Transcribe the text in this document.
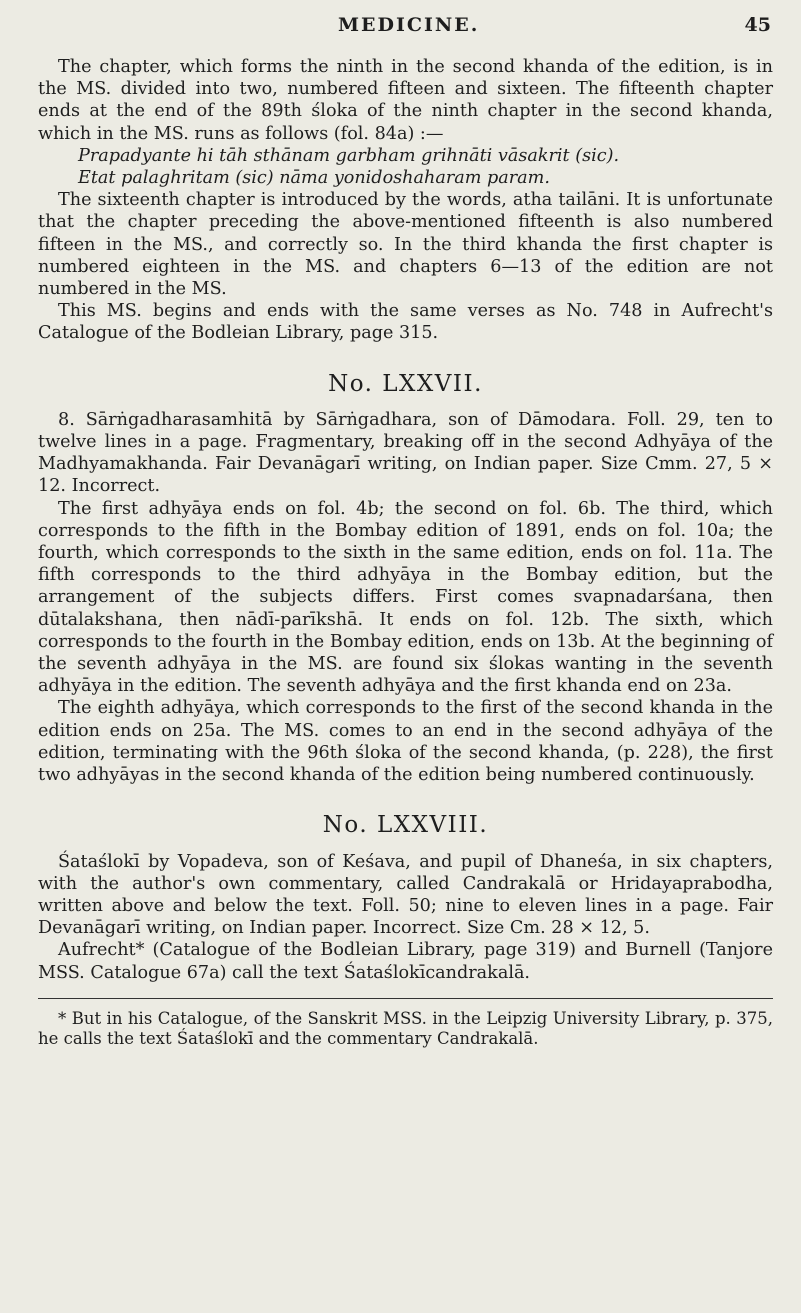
MEDICINE.	45

The chapter, which forms the ninth in the second khanda of the edition, is in the MS. divided into two, numbered fifteen and sixteen. The fifteenth chapter ends at the end of the 89th śloka of the ninth chapter in the second khanda, which in the MS. runs as follows (fol. 84a) :—

Prapadyante hi tāh sthānam garbham grihnāti vāsakrit (sic).

Etat palaghritam (sic) nāma yonidoshaharam param.

The sixteenth chapter is introduced by the words, atha tailāni. It is unfortunate that the chapter preceding the above-mentioned fifteenth is also numbered fifteen in the MS., and correctly so. In the third khanda the first chapter is numbered eighteen in the MS. and chapters 6—13 of the edition are not numbered in the MS.

This MS. begins and ends with the same verses as No. 748 in Aufrecht's Catalogue of the Bodleian Library, page 315.

No. LXXVII.

8. Sārṅgadharasamhitā by Sārṅgadhara, son of Dāmodara. Foll. 29, ten to twelve lines in a page. Fragmentary, breaking off in the second Adhyāya of the Madhyamakhanda. Fair Devanāgarī writing, on Indian paper. Size Cmm. 27, 5 × 12. Incorrect.

The first adhyāya ends on fol. 4b; the second on fol. 6b. The third, which corresponds to the fifth in the Bombay edition of 1891, ends on fol. 10a; the fourth, which corresponds to the sixth in the same edition, ends on fol. 11a. The fifth corresponds to the third adhyāya in the Bombay edition, but the arrangement of the subjects differs. First comes svapnadarśana, then dūtalakshana, then nādī-parīkshā. It ends on fol. 12b. The sixth, which corresponds to the fourth in the Bombay edition, ends on 13b. At the beginning of the seventh adhyāya in the MS. are found six ślokas wanting in the seventh adhyāya in the edition. The seventh adhyāya and the first khanda end on 23a.

The eighth adhyāya, which corresponds to the first of the second khanda in the edition ends on 25a. The MS. comes to an end in the second adhyāya of the edition, terminating with the 96th śloka of the second khanda, (p. 228), the first two adhyāyas in the second khanda of the edition being numbered continuously.

No. LXXVIII.

Śataślokī by Vopadeva, son of Keśava, and pupil of Dhaneśa, in six chapters, with the author's own commentary, called Candrakalā or Hridayaprabodha, written above and below the text. Foll. 50; nine to eleven lines in a page. Fair Devanāgarī writing, on Indian paper. Incorrect. Size Cm. 28 × 12, 5.

Aufrecht* (Catalogue of the Bodleian Library, page 319) and Burnell (Tanjore MSS. Catalogue 67a) call the text Śataślokīcandrakalā.

* But in his Catalogue, of the Sanskrit MSS. in the Leipzig University Library, p. 375, he calls the text Śataślokī and the commentary Candrakalā.
